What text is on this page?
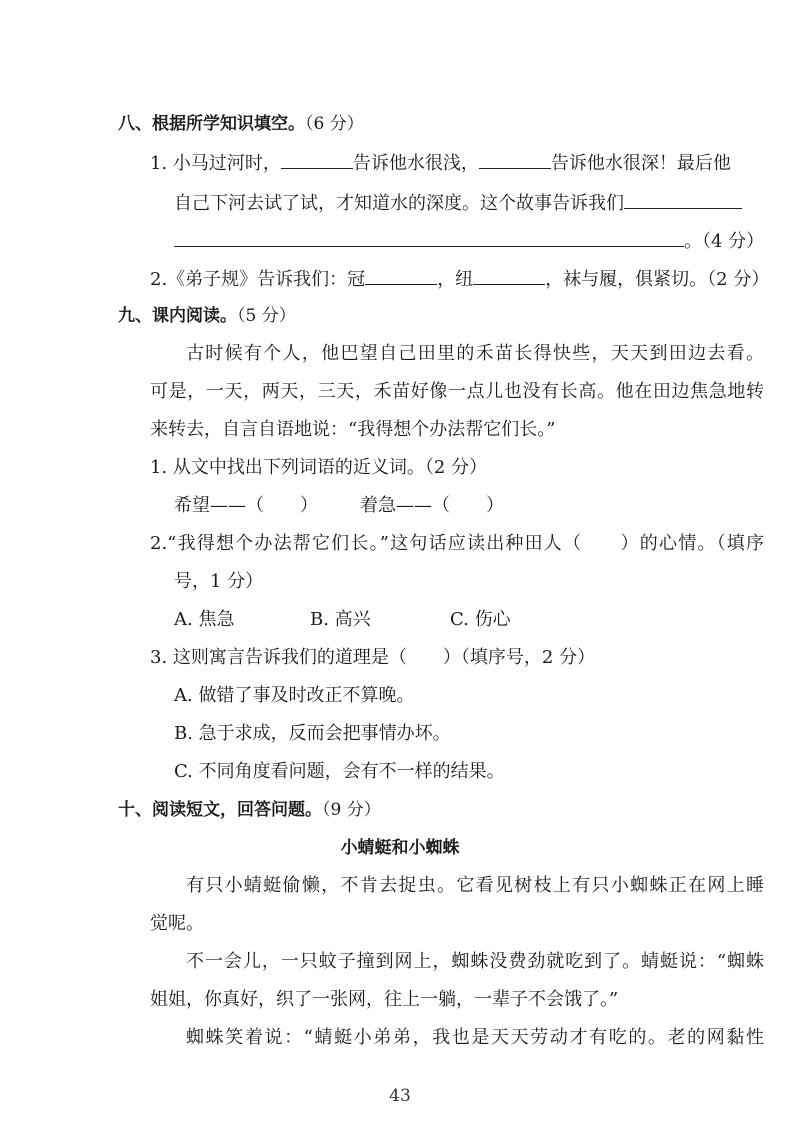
八、根据所学知识填空。（6 分）
1. 小马过河时，	告诉他水很浅，	告诉他水很深！最后他
自己下河去试了试，才知道水的深度。这个故事告诉我们
。（4 分）
2.《弟子规》告诉我们：冠	，纽	，袜与履，俱紧切。（2 分）
九、课内阅读。（5 分）
古时候有个人，他巴望自己田里的禾苗长得快些，天天到田边去看。
可是，一天，两天，三天，禾苗好像一点儿也没有长高。他在田边焦急地转
来转去，自言自语地说：“我得想个办法帮它们长。”
1. 从文中找出下列词语的近义词。（2 分）
希望——（　　） 着急——（　　）
2.“我得想个办法帮它们长。”这句话应读出种田人（　　）的心情。（填序
号，1 分）
A. 焦急	B. 高兴	C. 伤心
3. 这则寓言告诉我们的道理是（　　）（填序号，2 分）
A. 做错了事及时改正不算晚。
B. 急于求成，反而会把事情办坏。
C. 不同角度看问题，会有不一样的结果。
十、阅读短文，回答问题。（9 分）
小蜻蜓和小蜘蛛
有只小蜻蜓偷懒，不肯去捉虫。它看见树枝上有只小蜘蛛正在网上睡
觉呢。
不一会儿，一只蚊子撞到网上，蜘蛛没费劲就吃到了。蜻蜓说：“蜘蛛
姐姐，你真好，织了一张网，往上一躺，一辈子不会饿了。”
蜘蛛笑着说：“蜻蜓小弟弟，我也是天天劳动才有吃的。老的网黏性
43
